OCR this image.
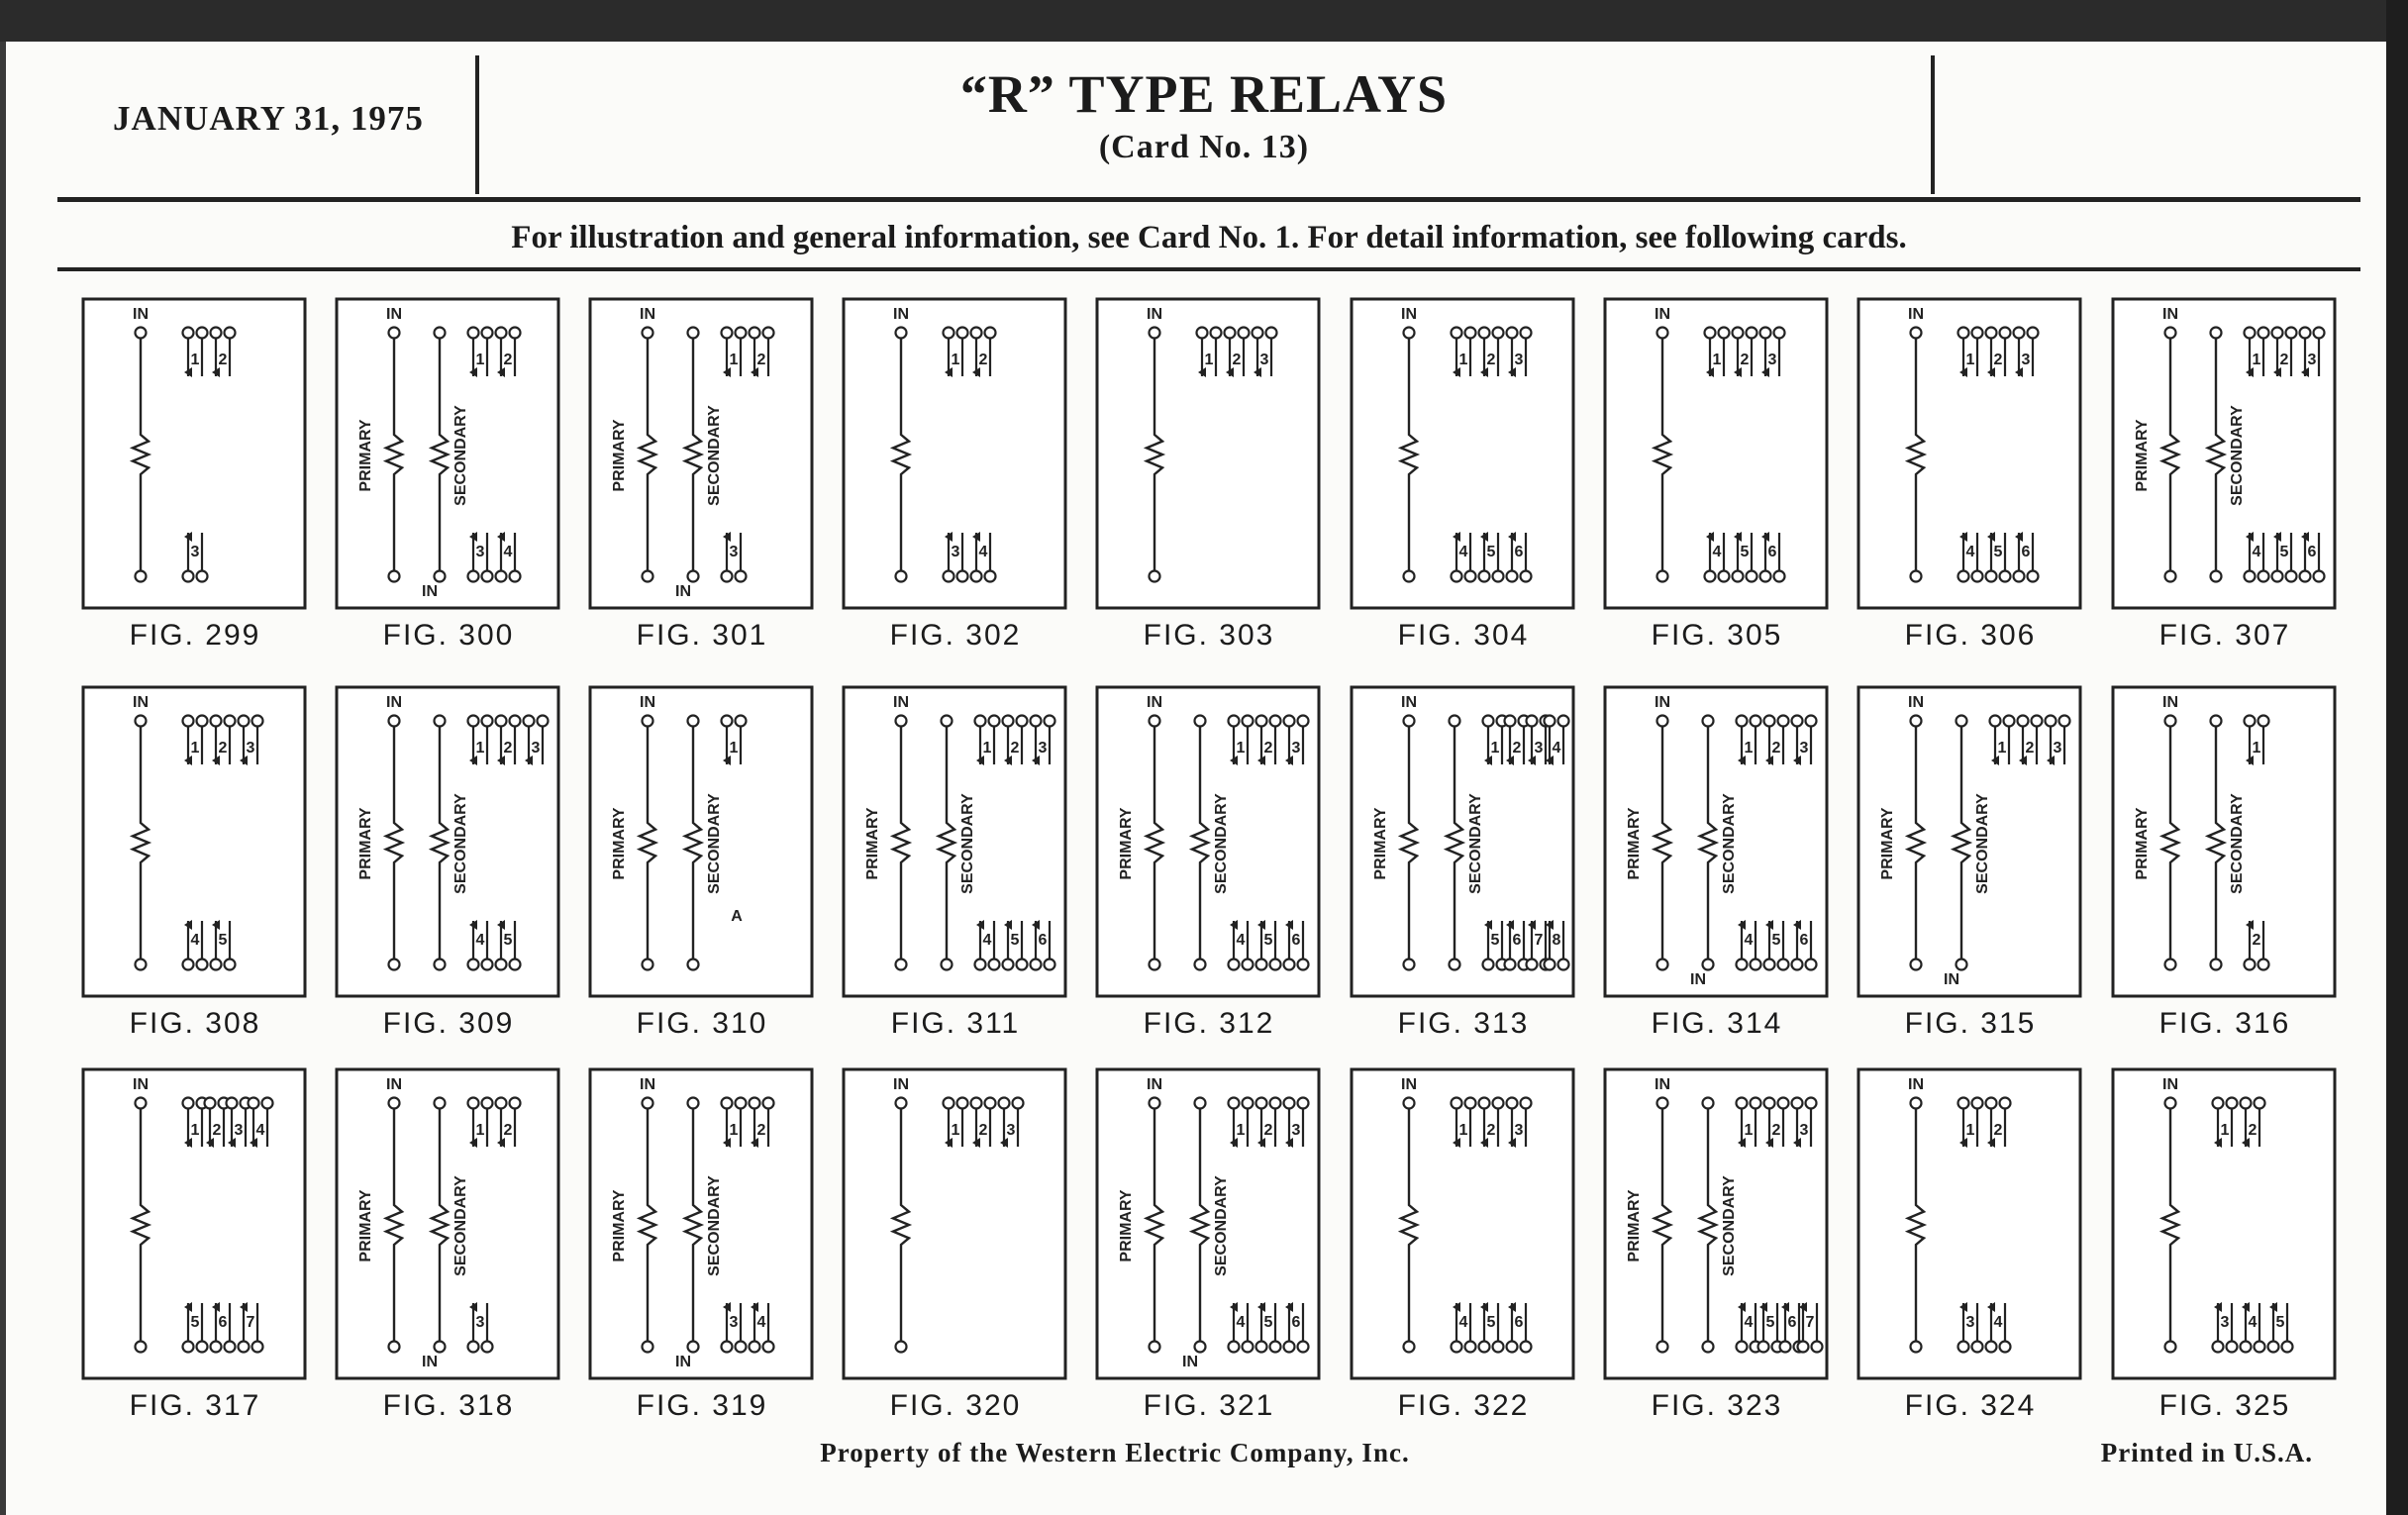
JANUARY 31, 1975	“R” TYPE RELAYS
(Card No. 13)
For illustration and general information, see Card No. 1. For detail information, see following cards.
IN
1 2
3
FIG. 299
IN
PRIMARY	SECONDARY
IN
1 2
3 4
FIG. 300
IN
PRIMARY	SECONDARY
IN
1 2
3
FIG. 301
IN
1 2
3 4
FIG. 302
IN
1 2 3
FIG. 303
IN
1 2 3
4 5 6
FIG. 304
IN
1 2 3
4 5 6
FIG. 305
IN
1 2 3
4 5 6
FIG. 306
IN
PRIMARY	SECONDARY
1 2 3
4 5 6
FIG. 307
IN
1 2 3
4 5
FIG. 308
IN
PRIMARY	SECONDARY
1 2 3
4 5
FIG. 309
IN
PRIMARY	SECONDARY
A
1
FIG. 310
IN
PRIMARY	SECONDARY
1 2 3
4 5 6
FIG. 311
IN
PRIMARY	SECONDARY
1 2 3
4 5 6
FIG. 312
IN
PRIMARY	SECONDARY
1 2 3 4
5 6 7 8
FIG. 313
IN
PRIMARY	SECONDARY
IN
1 2 3
4 5 6
FIG. 314
IN
PRIMARY	SECONDARY
IN
1 2 3
FIG. 315
IN
PRIMARY	SECONDARY
1
2
FIG. 316
IN
1 2 3 4
5 6 7
FIG. 317
IN
PRIMARY	SECONDARY
IN
1 2
3
FIG. 318
IN
PRIMARY	SECONDARY
IN
1 2
3 4
FIG. 319
IN
1 2 3
FIG. 320
IN
PRIMARY	SECONDARY
IN
1 2 3
4 5 6
FIG. 321
IN
1 2 3
4 5 6
FIG. 322
IN
PRIMARY	SECONDARY
1 2 3
4 5 6 7
FIG. 323
IN
1 2
3 4
FIG. 324
IN
1 2
3 4 5
FIG. 325
Property of the Western Electric Company, Inc.	Printed in U.S.A.
